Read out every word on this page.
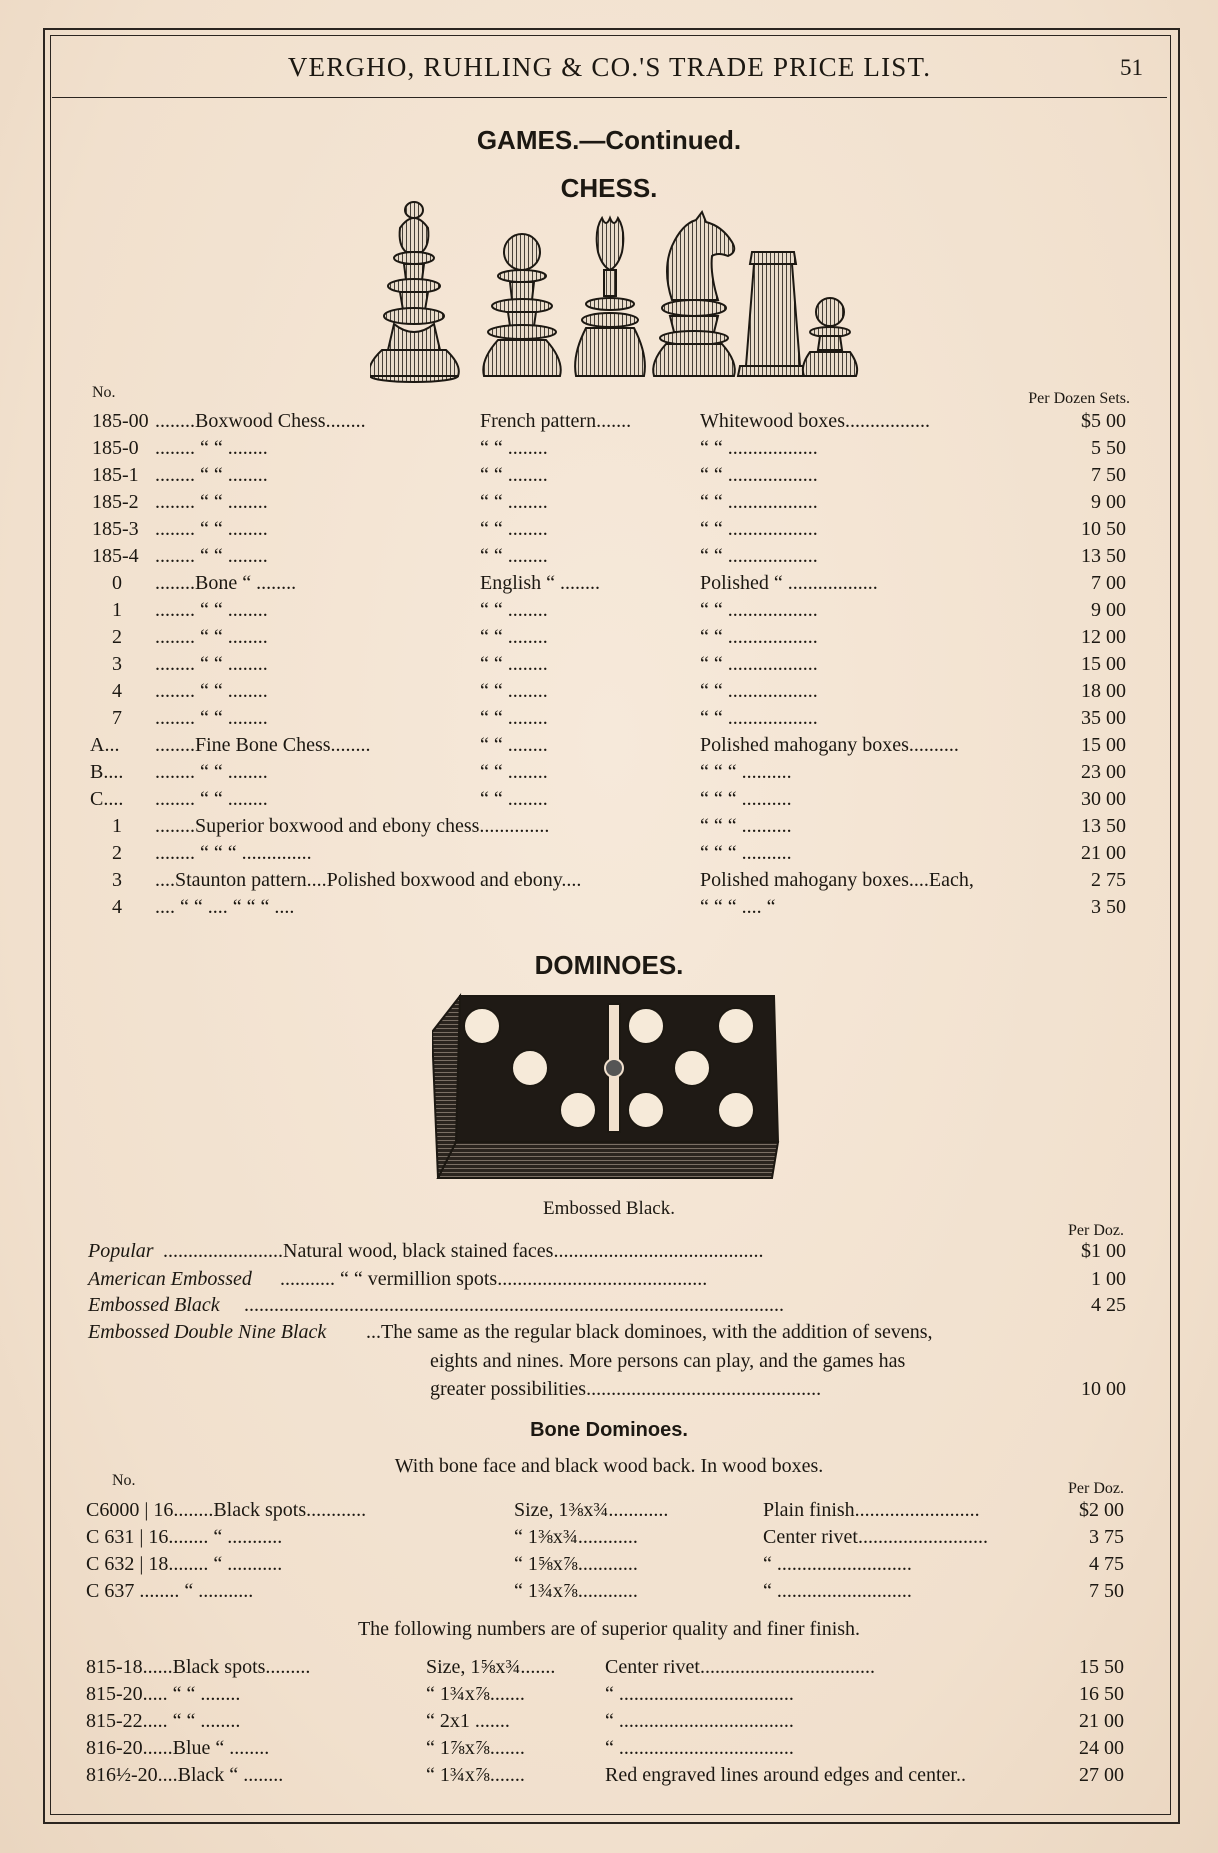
VERGHO, RUHLING & CO.'S TRADE PRICE LIST.	51
GAMES.—Continued.
CHESS.
No.	Per Dozen Sets.
185-00 ........Boxwood Chess........	French pattern.......	Whitewood boxes.................	$5 00
185-0 ........ “ “ ........	“ “ ........	“ “ ..................	5 50
185-1 ........ “ “ ........	“ “ ........	“ “ ..................	7 50
185-2 ........ “ “ ........	“ “ ........	“ “ ..................	9 00
185-3 ........ “ “ ........	“ “ ........	“ “ ..................	10 50
185-4 ........ “ “ ........	“ “ ........	“ “ ..................	13 50
0 ........Bone “ ........	English “ ........	Polished “ ..................	7 00
1 ........ “ “ ........	“ “ ........	“ “ ..................	9 00
2 ........ “ “ ........	“ “ ........	“ “ ..................	12 00
3 ........ “ “ ........	“ “ ........	“ “ ..................	15 00
4 ........ “ “ ........	“ “ ........	“ “ ..................	18 00
7 ........ “ “ ........	“ “ ........	“ “ ..................	35 00
A... ........Fine Bone Chess........	“ “ ........	Polished mahogany boxes..........	15 00
B.... ........ “ “ ........	“ “ ........	“ “ “ ..........	23 00
C.... ........ “ “ ........	“ “ ........	“ “ “ ..........	30 00
1 ........Superior boxwood and ebony chess..............	“ “ “ ..........	13 50
2 ........ “ “ “ ..............	“ “ “ ..........	21 00
3 ....Staunton pattern....Polished boxwood and ebony....	Polished mahogany boxes....Each,	2 75
4 .... “ “ .... “ “ “ ....	“ “ “ .... “	3 50
DOMINOES.
Embossed Black.
Per Doz.
Popular ........................Natural wood, black stained faces..........................................	$1 00
American Embossed ........... “ “ vermillion spots..........................................	1 00
Embossed Black ............................................................................................................	4 25
Embossed Double Nine Black ...The same as the regular black dominoes, with the addition of sevens,
eights and nines. More persons can play, and the games has
greater possibilities...............................................	10 00
Bone Dominoes.
With bone face and black wood back. In wood boxes.
No.	Per Doz.
C6000 | 16........Black spots............	Size, 1⅜x¾............	Plain finish.........................	$2 00
C 631 | 16........ “ ...........	“ 1⅜x¾............	Center rivet..........................	3 75
C 632 | 18........ “ ...........	“ 1⅝x⅞............	“ ...........................	4 75
C 637 ........ “ ...........	“ 1¾x⅞............	“ ...........................	7 50
The following numbers are of superior quality and finer finish.
815-18......Black spots.........	Size, 1⅝x¾....... Center rivet...................................	15 50
815-20..... “ “ ........	“ 1¾x⅞.......	“ ...................................	16 50
815-22..... “ “ ........	“ 2x1 .......	“ ...................................	21 00
816-20......Blue “ ........	“ 1⅞x⅞.......	“ ...................................	24 00
816½-20....Black “ ........	“ 1¾x⅞.......	Red engraved lines around edges and center..	27 00
